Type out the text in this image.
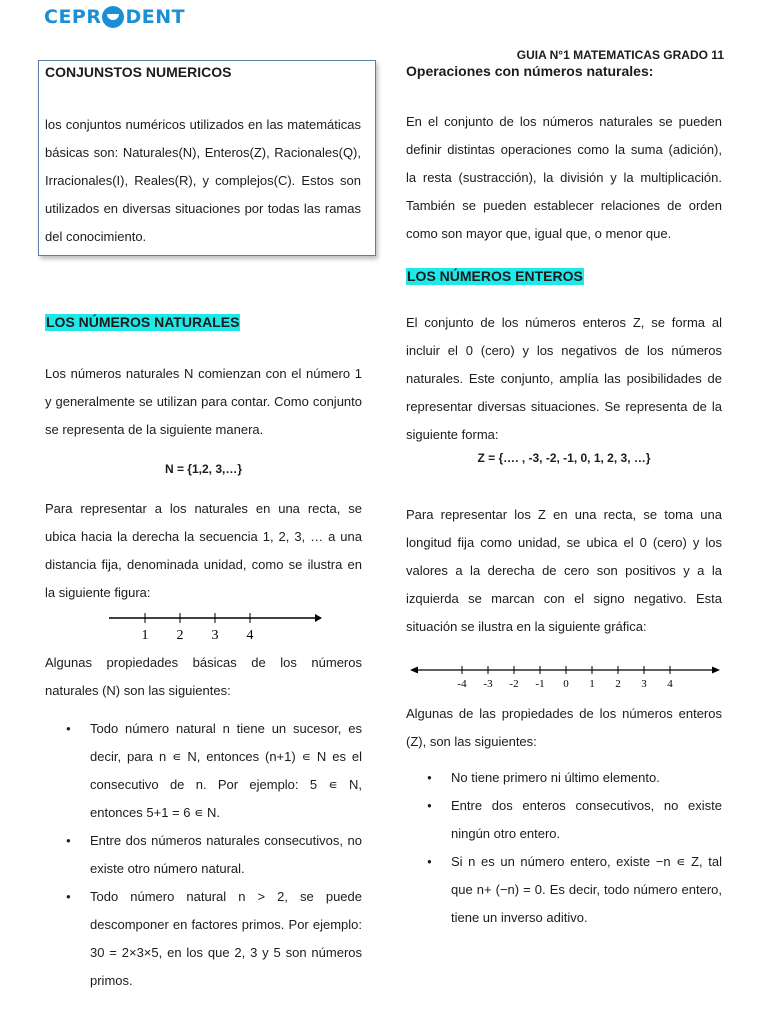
CEPR DENT
GUIA N°1 MATEMATICAS GRADO 11
CONJUNSTOS NUMERICOS

los conjuntos numéricos utilizados en las matemáticas básicas son: Naturales(N), Enteros(Z), Racionales(Q), Irracionales(I), Reales(R), y complejos(C). Estos son utilizados en diversas situaciones por todas las ramas del conocimiento.

LOS NÚMEROS NATURALES

Los números naturales N comienzan con el número 1 y generalmente se utilizan para contar. Como conjunto se representa de la siguiente manera.

N = {1,2, 3,…}

Para representar a los naturales en una recta, se ubica hacia la derecha la secuencia 1, 2, 3, … a una distancia fija, denominada unidad, como se ilustra en la siguiente figura:

1 2 3 4

Algunas propiedades básicas de los números naturales (N) son las siguientes:

● Todo número natural n tiene un sucesor, es decir, para n ∊ N, entonces (n+1) ∊ N es el consecutivo de n. Por ejemplo: 5 ∊ N, entonces 5+1 = 6 ∊ N.
● Entre dos números naturales consecutivos, no existe otro número natural.
● Todo número natural n > 2, se puede descomponer en factores primos. Por ejemplo: 30 = 2×3×5, en los que 2, 3 y 5 son números primos.
Operaciones con números naturales:

En el conjunto de los números naturales se pueden definir distintas operaciones como la suma (adición), la resta (sustracción), la división y la multiplicación. También se pueden establecer relaciones de orden como son mayor que, igual que, o menor que.

LOS NÚMEROS ENTEROS

El conjunto de los números enteros Z, se forma al incluir el 0 (cero) y los negativos de los números naturales. Este conjunto, amplía las posibilidades de representar diversas situaciones. Se representa de la siguiente forma:

Z = {…. , -3, -2, -1, 0, 1, 2, 3, …}

Para representar los Z en una recta, se toma una longitud fija como unidad, se ubica el 0 (cero) y los valores a la derecha de cero son positivos y a la izquierda se marcan con el signo negativo. Esta situación se ilustra en la siguiente gráfica:

-4 -3 -2 -1 0 1 2 3 4

Algunas de las propiedades de los números enteros (Z), son las siguientes:

● No tiene primero ni último elemento.
● Entre dos enteros consecutivos, no existe ningún otro entero.
● Si n es un número entero, existe −n ∊ Z, tal que n+ (−n) = 0. Es decir, todo número entero, tiene un inverso aditivo.
